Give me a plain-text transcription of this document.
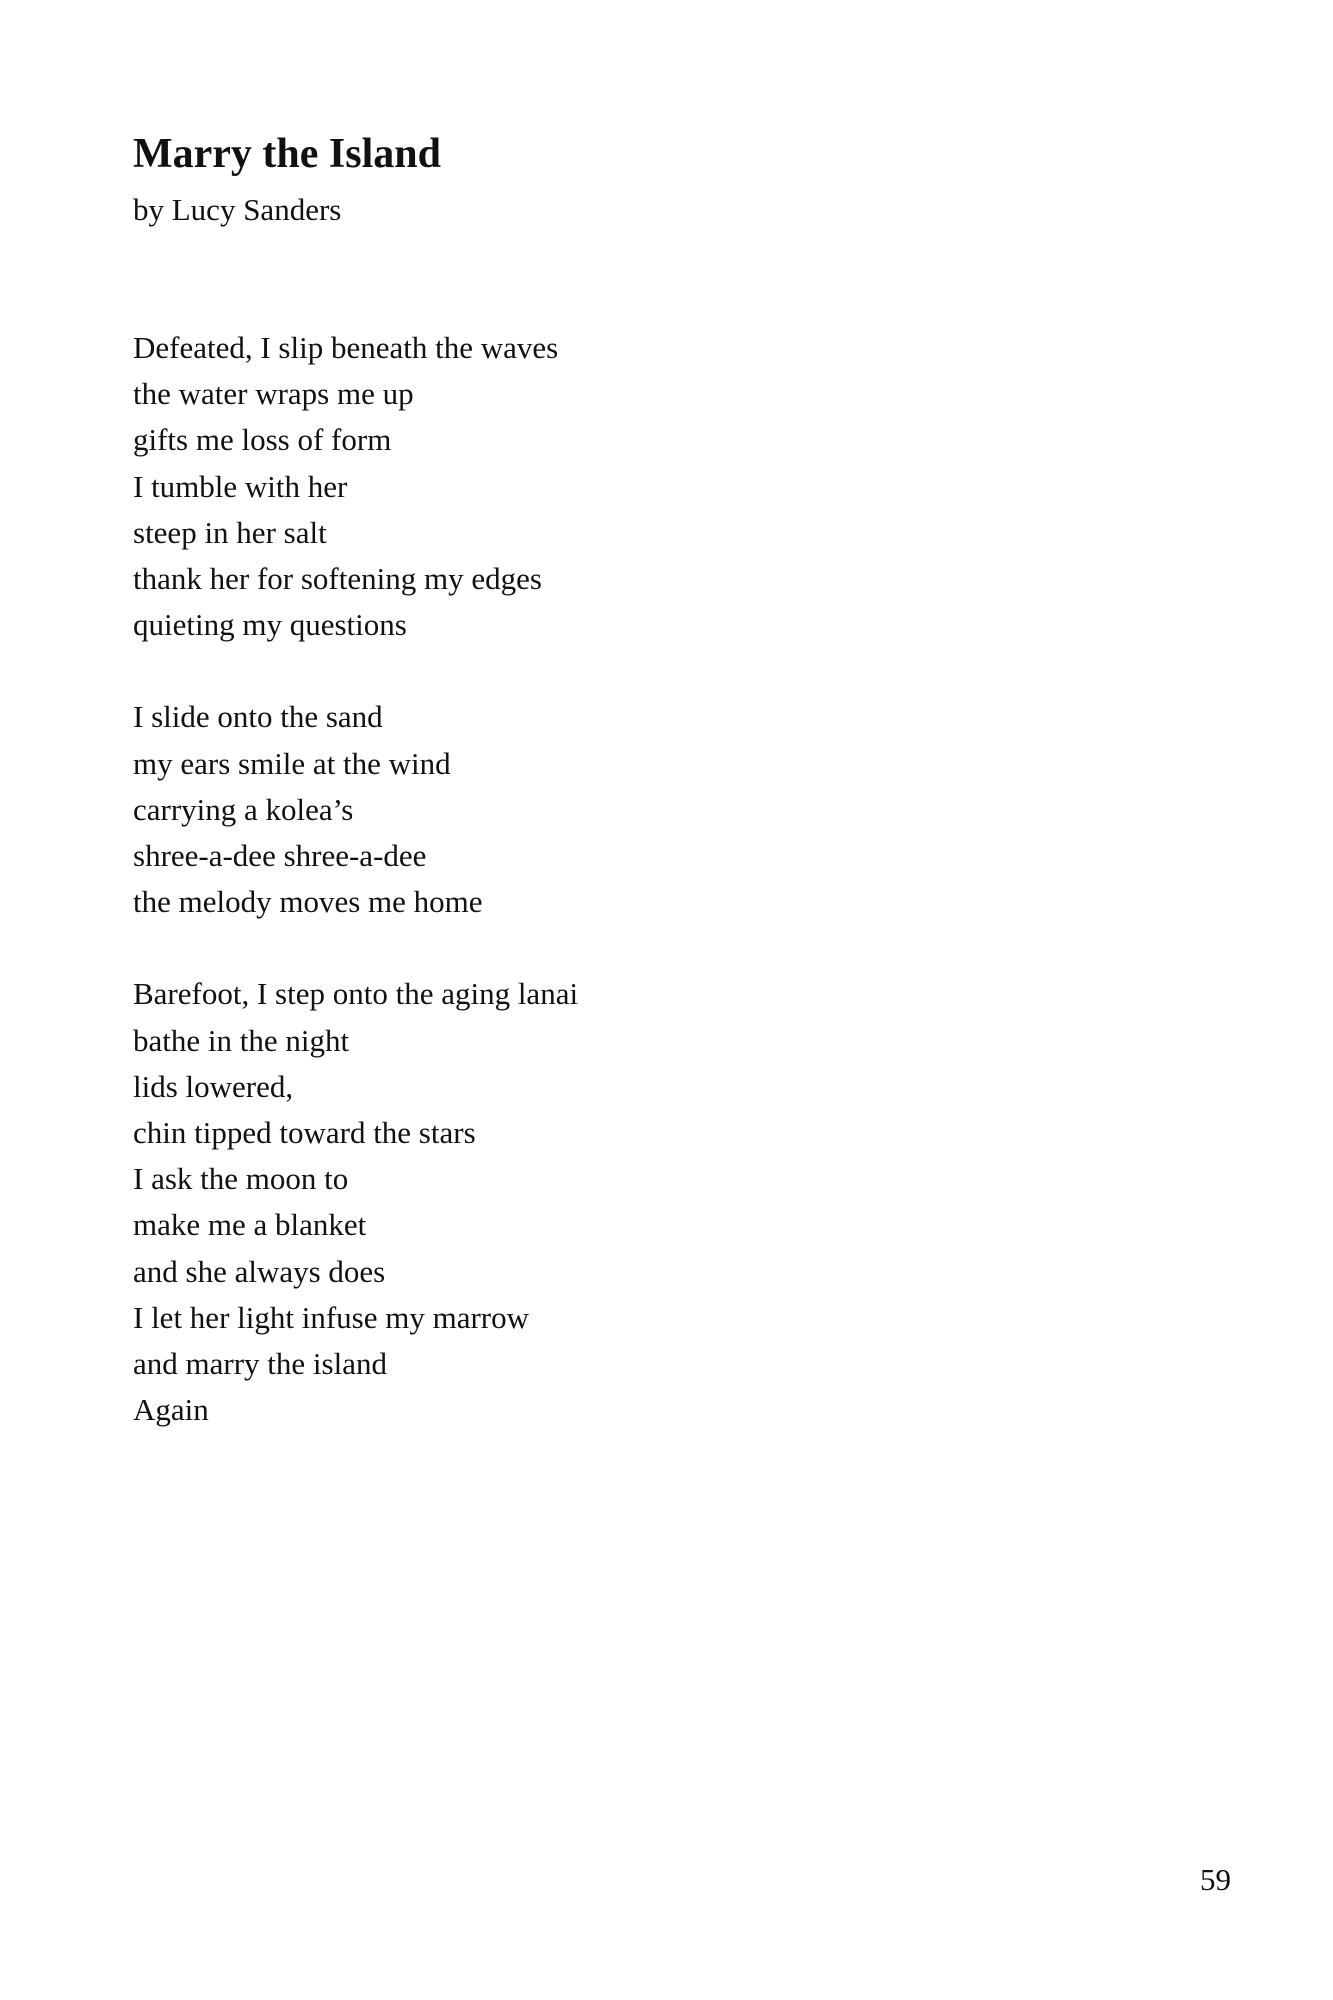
Marry the Island

by Lucy Sanders

Defeated, I slip beneath the waves
the water wraps me up
gifts me loss of form
I tumble with her
steep in her salt
thank her for softening my edges
quieting my questions

I slide onto the sand
my ears smile at the wind
carrying a kolea’s
shree-a-dee shree-a-dee
the melody moves me home

Barefoot, I step onto the aging lanai
bathe in the night
lids lowered,
chin tipped toward the stars
I ask the moon to
make me a blanket
and she always does
I let her light infuse my marrow
and marry the island
Again

59
